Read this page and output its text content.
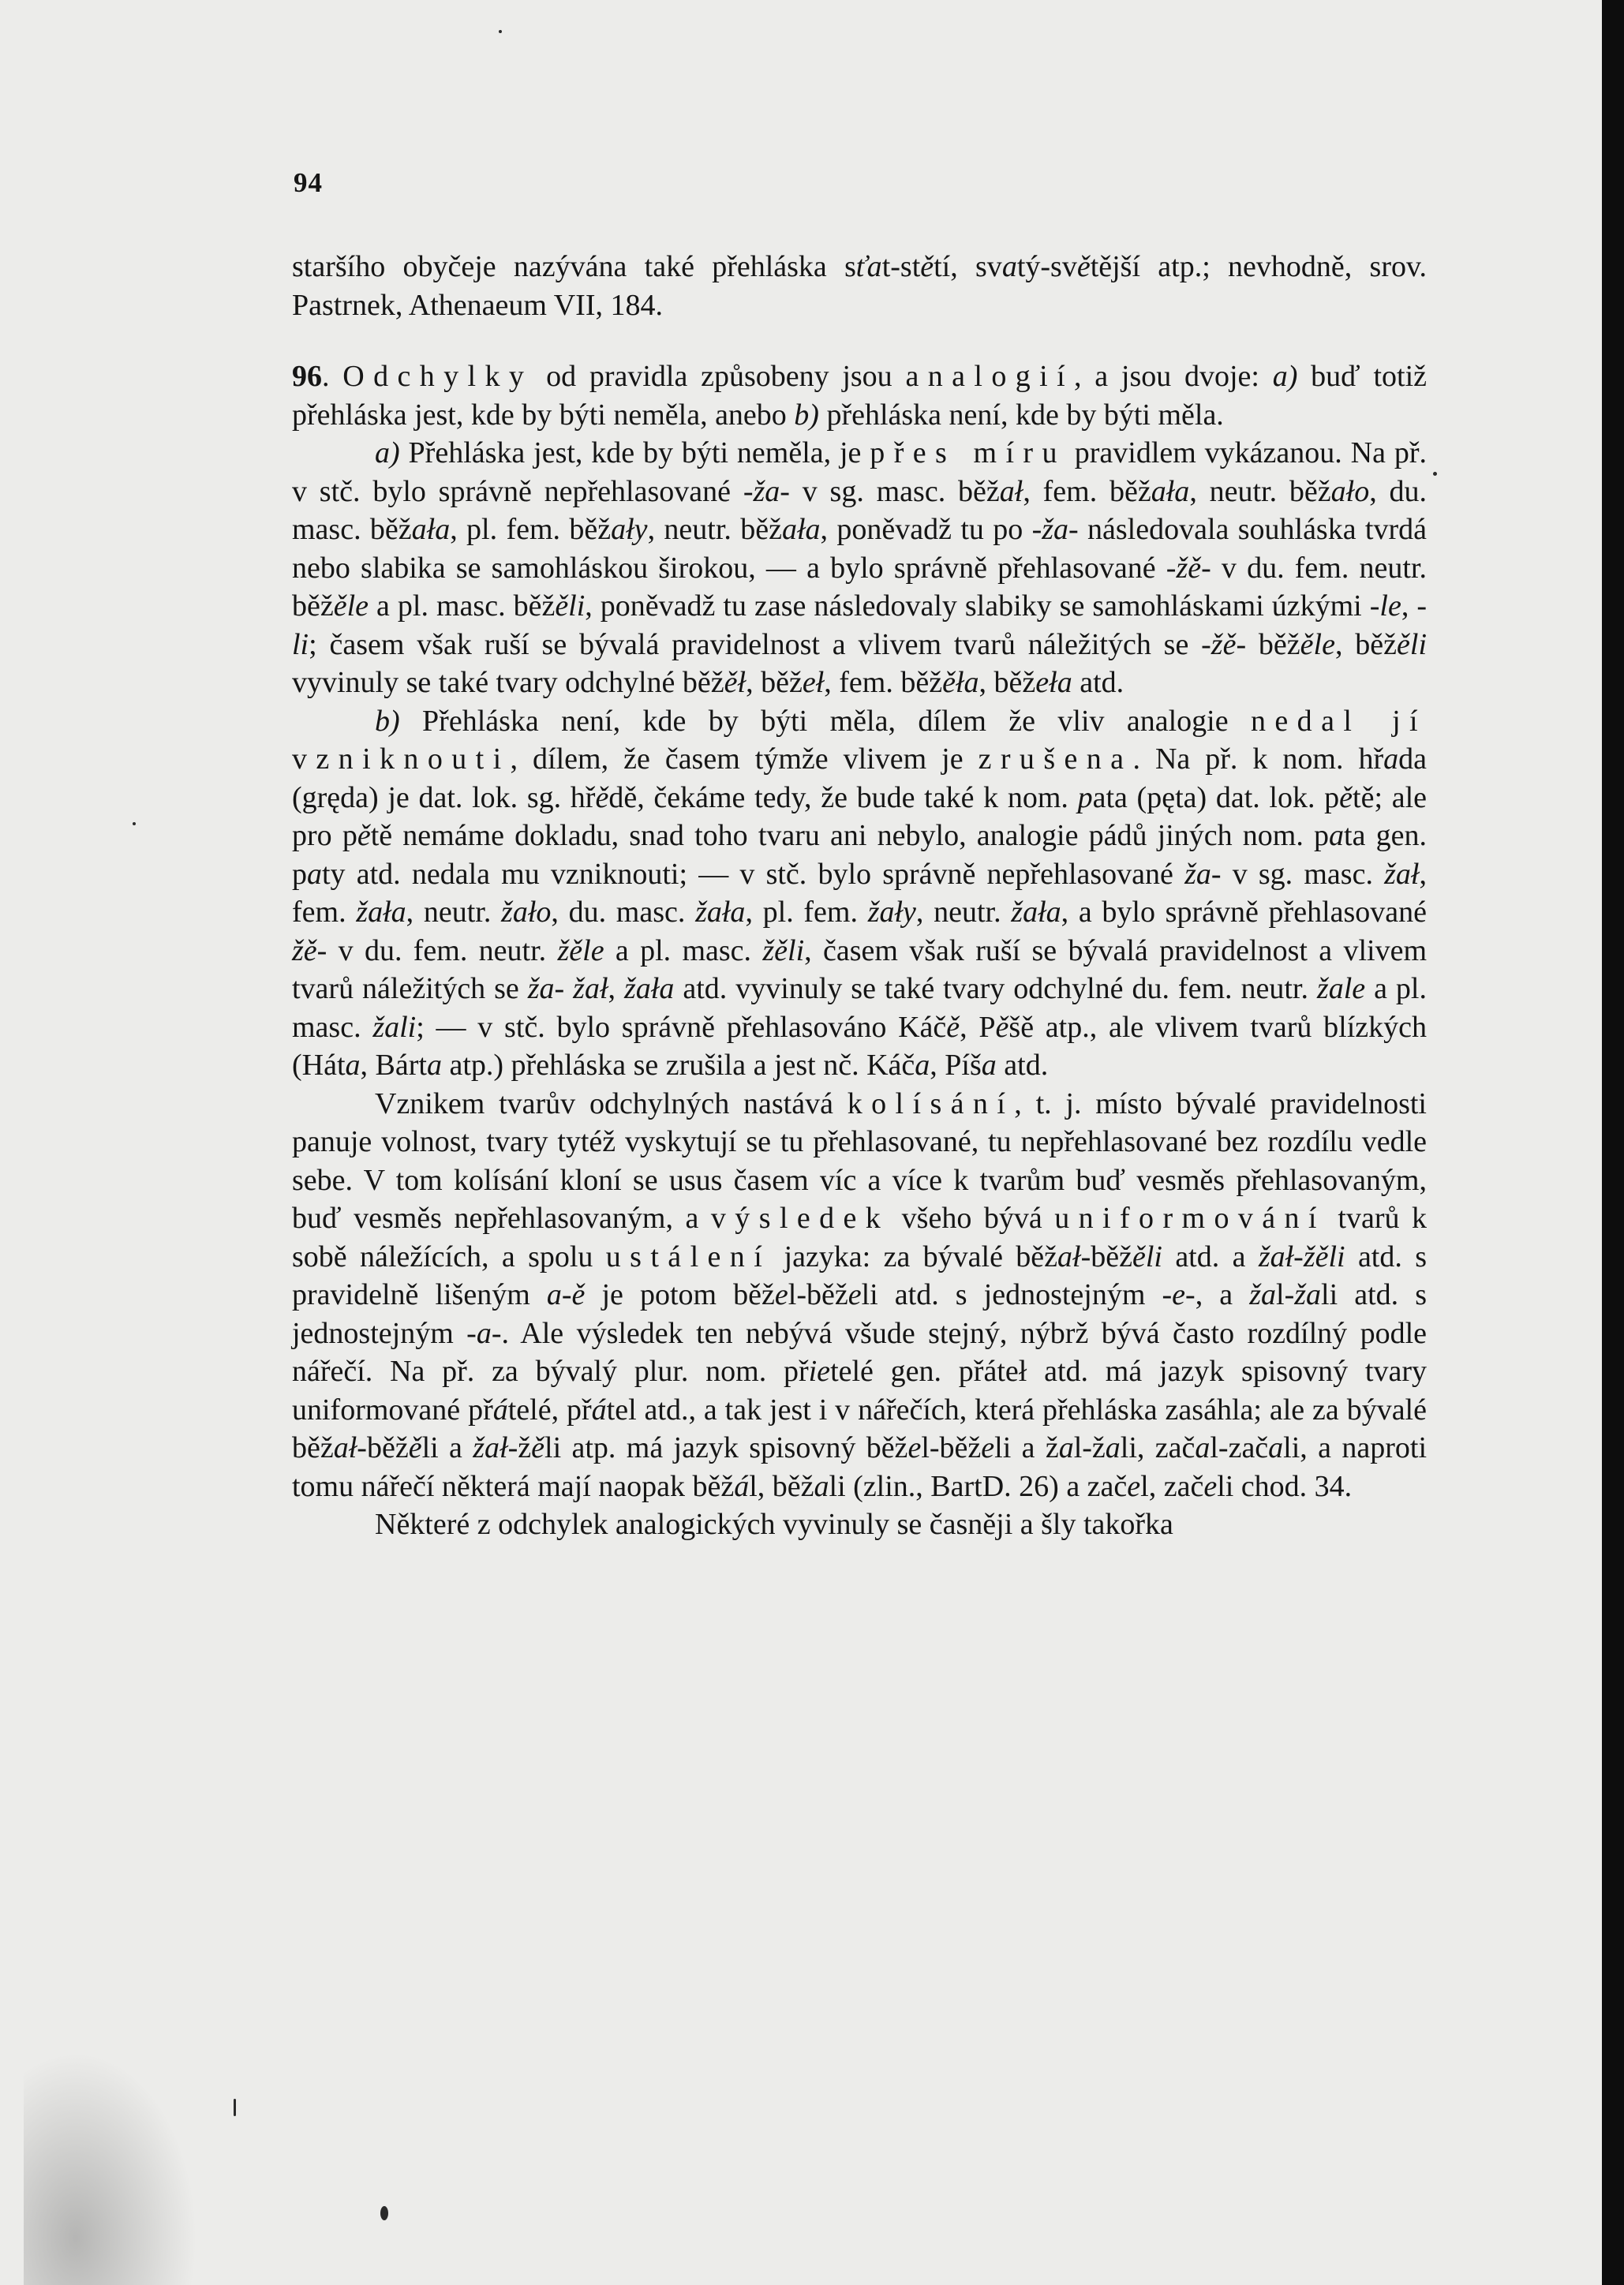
94

staršího obyčeje nazývána také přehláska sťat-stětí, svatý-světější atp.; nevhodně, srov. Pastrnek, Athenaeum VII, 184.

96. Odchylky od pravidla způsobeny jsou analogií, a jsou dvoje: a) buď totiž přehláska jest, kde by býti neměla, anebo b) přehláska není, kde by býti měla.

a) Přehláska jest, kde by býti neměla, je přes míru pravidlem vykázanou. Na př. v stč. bylo správně nepřehlasované -ža- v sg. masc. běžał, fem. běžała, neutr. běžało, du. masc. běžała, pl. fem. běžały, neutr. běžała, poněvadž tu po -ža- následovala souhláska tvrdá nebo slabika se samohláskou širokou, — a bylo správně přehlasované -žě- v du. fem. neutr. běžěle a pl. masc. běžěli, poněvadž tu zase následovaly slabiky se samohláskami úzkými -le, -li; časem však ruší se bývalá pravidelnost a vlivem tvarů náležitých se -žě- běžěle, běžěli vyvinuly se také tvary odchylné běžěł, běžeł, fem. běžěła, běžeła atd.

b) Přehláska není, kde by býti měla, dílem že vliv analogie nedal jí vzniknouti, dílem, že časem týmže vlivem je zrušena. Na př. k nom. hřada (gręda) je dat. lok. sg. hřědě, čekáme tedy, že bude také k nom. pata (pęta) dat. lok. pětě; ale pro pětě nemáme dokladu, snad toho tvaru ani nebylo, analogie pádů jiných nom. pata gen. paty atd. nedala mu vzniknouti; — v stč. bylo správně nepřehlasované ža- v sg. masc. žał, fem. žała, neutr. žało, du. masc. žała, pl. fem. žały, neutr. žała, a bylo správně přehlasované žě- v du. fem. neutr. žěle a pl. masc. žěli, časem však ruší se bývalá pravidelnost a vlivem tvarů náležitých se ža- žał, žała atd. vyvinuly se také tvary odchylné du. fem. neutr. žale a pl. masc. žali; — v stč. bylo správně přehlasováno Káčě, Pěšě atp., ale vlivem tvarů blízkých (Háta, Bárta atp.) přehláska se zrušila a jest nč. Káča, Píša atd.

Vznikem tvarův odchylných nastává kolísání, t. j. místo bývalé pravidelnosti panuje volnost, tvary tytéž vyskytují se tu přehlasované, tu nepřehlasované bez rozdílu vedle sebe. V tom kolísání kloní se usus časem víc a více k tvarům buď vesměs přehlasovaným, buď vesměs nepřehlasovaným, a výsledek všeho bývá uniformování tvarů k sobě náležících, a spolu ustálení jazyka: za bývalé běžał-běžěli atd. a žał-žěli atd. s pravidelně lišeným a-ě je potom běžel-běželi atd. s jednostejným -e-, a žal-žali atd. s jednostejným -a-. Ale výsledek ten nebývá všude stejný, nýbrž bývá často rozdílný podle nářečí. Na př. za bývalý plur. nom. přietelé gen. přáteł atd. má jazyk spisovný tvary uniformované přátelé, přátel atd., a tak jest i v nářečích, která přehláska zasáhla; ale za bývalé běžał-běžěli a žał-žěli atp. má jazyk spisovný běžel-běželi a žal-žali, začal-začali, a naproti tomu nářečí některá mají naopak běžál, běžali (zlin., BartD. 26) a začel, začeli chod. 34.

Některé z odchylek analogických vyvinuly se časněji a šly takořka
